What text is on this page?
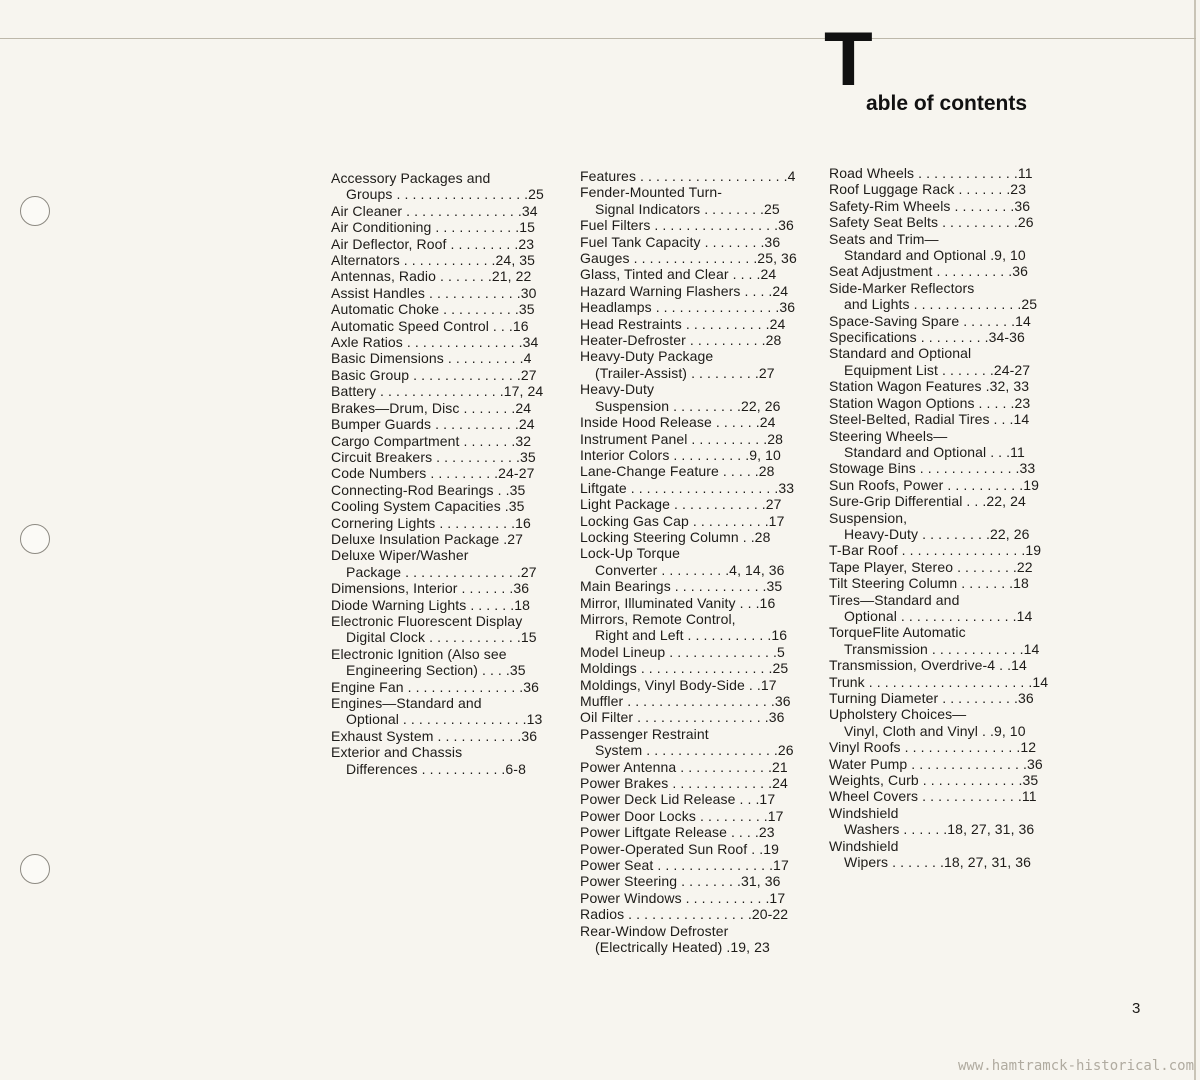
T
able of contents
Accessory Packages and
Groups . . . . . . . . . . . . . . . . .25
Air Cleaner . . . . . . . . . . . . . . .34
Air Conditioning . . . . . . . . . . .15
Air Deflector, Roof . . . . . . . . .23
Alternators . . . . . . . . . . . .24, 35
Antennas, Radio . . . . . . .21, 22
Assist Handles . . . . . . . . . . . .30
Automatic Choke . . . . . . . . . .35
Automatic Speed Control . . .16
Axle Ratios . . . . . . . . . . . . . . .34
Basic Dimensions . . . . . . . . . .4
Basic Group . . . . . . . . . . . . . .27
Battery . . . . . . . . . . . . . . . .17, 24
Brakes—Drum, Disc . . . . . . .24
Bumper Guards . . . . . . . . . . .24
Cargo Compartment . . . . . . .32
Circuit Breakers . . . . . . . . . . .35
Code Numbers . . . . . . . . .24-27
Connecting-Rod Bearings . .35
Cooling System Capacities .35
Cornering Lights . . . . . . . . . .16
Deluxe Insulation Package .27
Deluxe Wiper/Washer
Package . . . . . . . . . . . . . . .27
Dimensions, Interior . . . . . . .36
Diode Warning Lights . . . . . .18
Electronic Fluorescent Display
Digital Clock . . . . . . . . . . . .15
Electronic Ignition (Also see
Engineering Section) . . . .35
Engine Fan . . . . . . . . . . . . . . .36
Engines—Standard and
Optional . . . . . . . . . . . . . . . .13
Exhaust System . . . . . . . . . . .36
Exterior and Chassis
Differences . . . . . . . . . . .6-8
Features . . . . . . . . . . . . . . . . . . .4
Fender-Mounted Turn-
Signal Indicators . . . . . . . .25
Fuel Filters . . . . . . . . . . . . . . . .36
Fuel Tank Capacity . . . . . . . .36
Gauges . . . . . . . . . . . . . . . .25, 36
Glass, Tinted and Clear . . . .24
Hazard Warning Flashers . . . .24
Headlamps . . . . . . . . . . . . . . . .36
Head Restraints . . . . . . . . . . .24
Heater-Defroster . . . . . . . . . .28
Heavy-Duty Package
(Trailer-Assist) . . . . . . . . .27
Heavy-Duty
Suspension . . . . . . . . .22, 26
Inside Hood Release . . . . . .24
Instrument Panel . . . . . . . . . .28
Interior Colors . . . . . . . . . .9, 10
Lane-Change Feature . . . . .28
Liftgate . . . . . . . . . . . . . . . . . . .33
Light Package . . . . . . . . . . . .27
Locking Gas Cap . . . . . . . . . .17
Locking Steering Column . .28
Lock-Up Torque
Converter . . . . . . . . .4, 14, 36
Main Bearings . . . . . . . . . . . .35
Mirror, Illuminated Vanity . . .16
Mirrors, Remote Control,
Right and Left . . . . . . . . . . .16
Model Lineup . . . . . . . . . . . . . .5
Moldings . . . . . . . . . . . . . . . . .25
Moldings, Vinyl Body-Side . .17
Muffler . . . . . . . . . . . . . . . . . . .36
Oil Filter . . . . . . . . . . . . . . . . .36
Passenger Restraint
System . . . . . . . . . . . . . . . . .26
Power Antenna . . . . . . . . . . . .21
Power Brakes . . . . . . . . . . . . .24
Power Deck Lid Release . . .17
Power Door Locks . . . . . . . . .17
Power Liftgate Release . . . .23
Power-Operated Sun Roof . .19
Power Seat . . . . . . . . . . . . . . .17
Power Steering . . . . . . . .31, 36
Power Windows . . . . . . . . . . .17
Radios . . . . . . . . . . . . . . . .20-22
Rear-Window Defroster
(Electrically Heated) .19, 23
Road Wheels . . . . . . . . . . . . .11
Roof Luggage Rack . . . . . . .23
Safety-Rim Wheels . . . . . . . .36
Safety Seat Belts . . . . . . . . . .26
Seats and Trim—
Standard and Optional .9, 10
Seat Adjustment . . . . . . . . . .36
Side-Marker Reflectors
and Lights . . . . . . . . . . . . . .25
Space-Saving Spare . . . . . . .14
Specifications . . . . . . . . .34-36
Standard and Optional
Equipment List . . . . . . .24-27
Station Wagon Features .32, 33
Station Wagon Options . . . . .23
Steel-Belted, Radial Tires . . .14
Steering Wheels—
Standard and Optional . . .11
Stowage Bins . . . . . . . . . . . . .33
Sun Roofs, Power . . . . . . . . . .19
Sure-Grip Differential . . .22, 24
Suspension,
Heavy-Duty . . . . . . . . .22, 26
T-Bar Roof . . . . . . . . . . . . . . . .19
Tape Player, Stereo . . . . . . . .22
Tilt Steering Column . . . . . . .18
Tires—Standard and
Optional . . . . . . . . . . . . . . .14
TorqueFlite Automatic
Transmission . . . . . . . . . . . .14
Transmission, Overdrive-4 . .14
Trunk . . . . . . . . . . . . . . . . . . . . .14
Turning Diameter . . . . . . . . . .36
Upholstery Choices—
Vinyl, Cloth and Vinyl . .9, 10
Vinyl Roofs . . . . . . . . . . . . . . .12
Water Pump . . . . . . . . . . . . . . .36
Weights, Curb . . . . . . . . . . . . .35
Wheel Covers . . . . . . . . . . . . .11
Windshield
Washers . . . . . .18, 27, 31, 36
Windshield
Wipers . . . . . . .18, 27, 31, 36
3
www.hamtramck-historical.com
